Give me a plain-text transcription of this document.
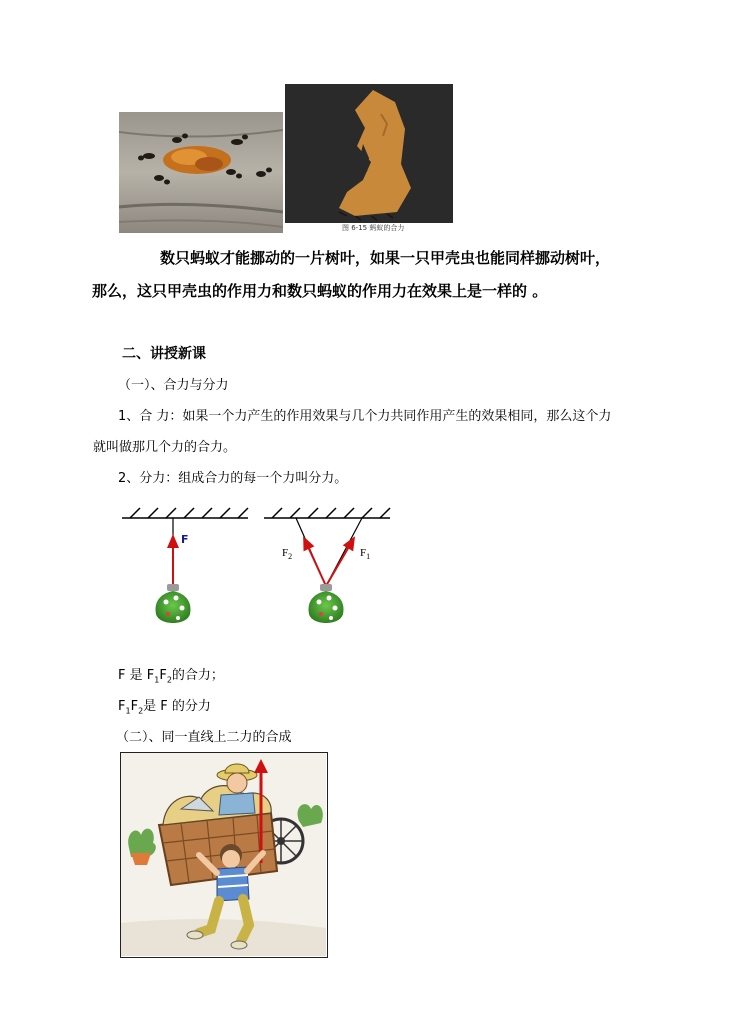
图 6-15 蚂蚁的合力
数只蚂蚁才能挪动的一片树叶，如果一只甲壳虫也能同样挪动树叶，
那么，这只甲壳虫的作用力和数只蚂蚁的作用力在效果上是一样的 。
二、讲授新课
（一）、合力与分力
1、合 力：如果一个力产生的作用效果与几个力共同作用产生的效果相同，那么这个力
就叫做那几个力的合力。
2、分力：组成合力的每一个力叫分力。
F
$F_2$	$F_1$
F 是 $F_1F_2$的合力；
$F_1F_2$是 F 的分力
（二）、同一直线上二力的合成
